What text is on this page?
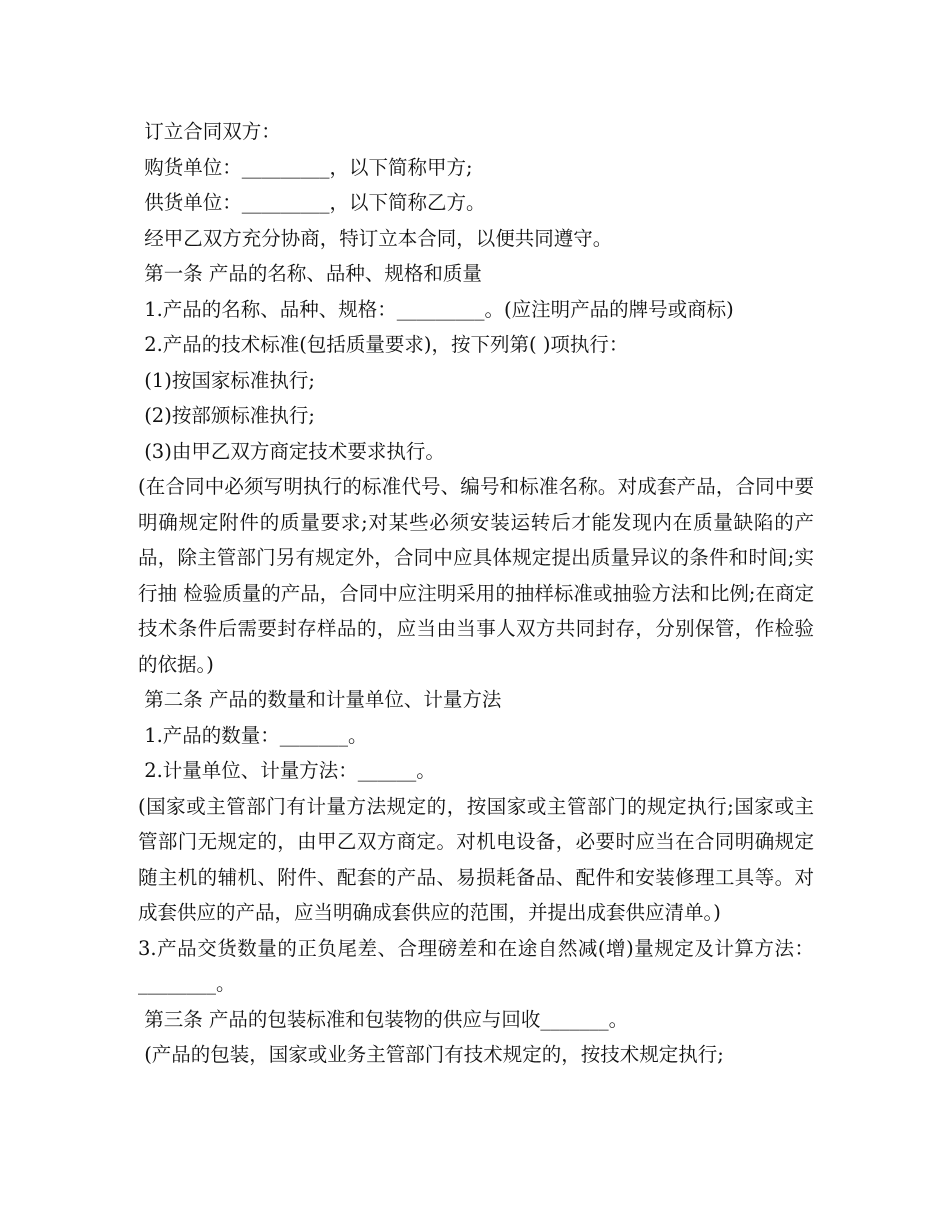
订立合同双方：

购货单位：_________，以下简称甲方;

供货单位：_________，以下简称乙方。

经甲乙双方充分协商，特订立本合同，以便共同遵守。

第一条 产品的名称、品种、规格和质量

1.产品的名称、品种、规格：_________。(应注明产品的牌号或商标)

2.产品的技术标准(包括质量要求)，按下列第( )项执行：

(1)按国家标准执行;

(2)按部颁标准执行;

(3)由甲乙双方商定技术要求执行。

(在合同中必须写明执行的标准代号、编号和标准名称。对成套产品，合同中要明确规定附件的质量要求;对某些必须安装运转后才能发现内在质量缺陷的产品，除主管部门另有规定外，合同中应具体规定提出质量异议的条件和时间;实行抽 检验质量的产品，合同中应注明采用的抽样标准或抽验方法和比例;在商定技术条件后需要封存样品的，应当由当事人双方共同封存，分别保管，作检验的依据。)

第二条 产品的数量和计量单位、计量方法

1.产品的数量：_______。

2.计量单位、计量方法：______。

(国家或主管部门有计量方法规定的，按国家或主管部门的规定执行;国家或主管部门无规定的，由甲乙双方商定。对机电设备，必要时应当在合同明确规定随主机的辅机、附件、配套的产品、易损耗备品、配件和安装修理工具等。对成套供应的产品，应当明确成套供应的范围，并提出成套供应清单。)

3.产品交货数量的正负尾差、合理磅差和在途自然减(增)量规定及计算方法：________。

第三条 产品的包装标准和包装物的供应与回收_______。

(产品的包装，国家或业务主管部门有技术规定的，按技术规定执行;
